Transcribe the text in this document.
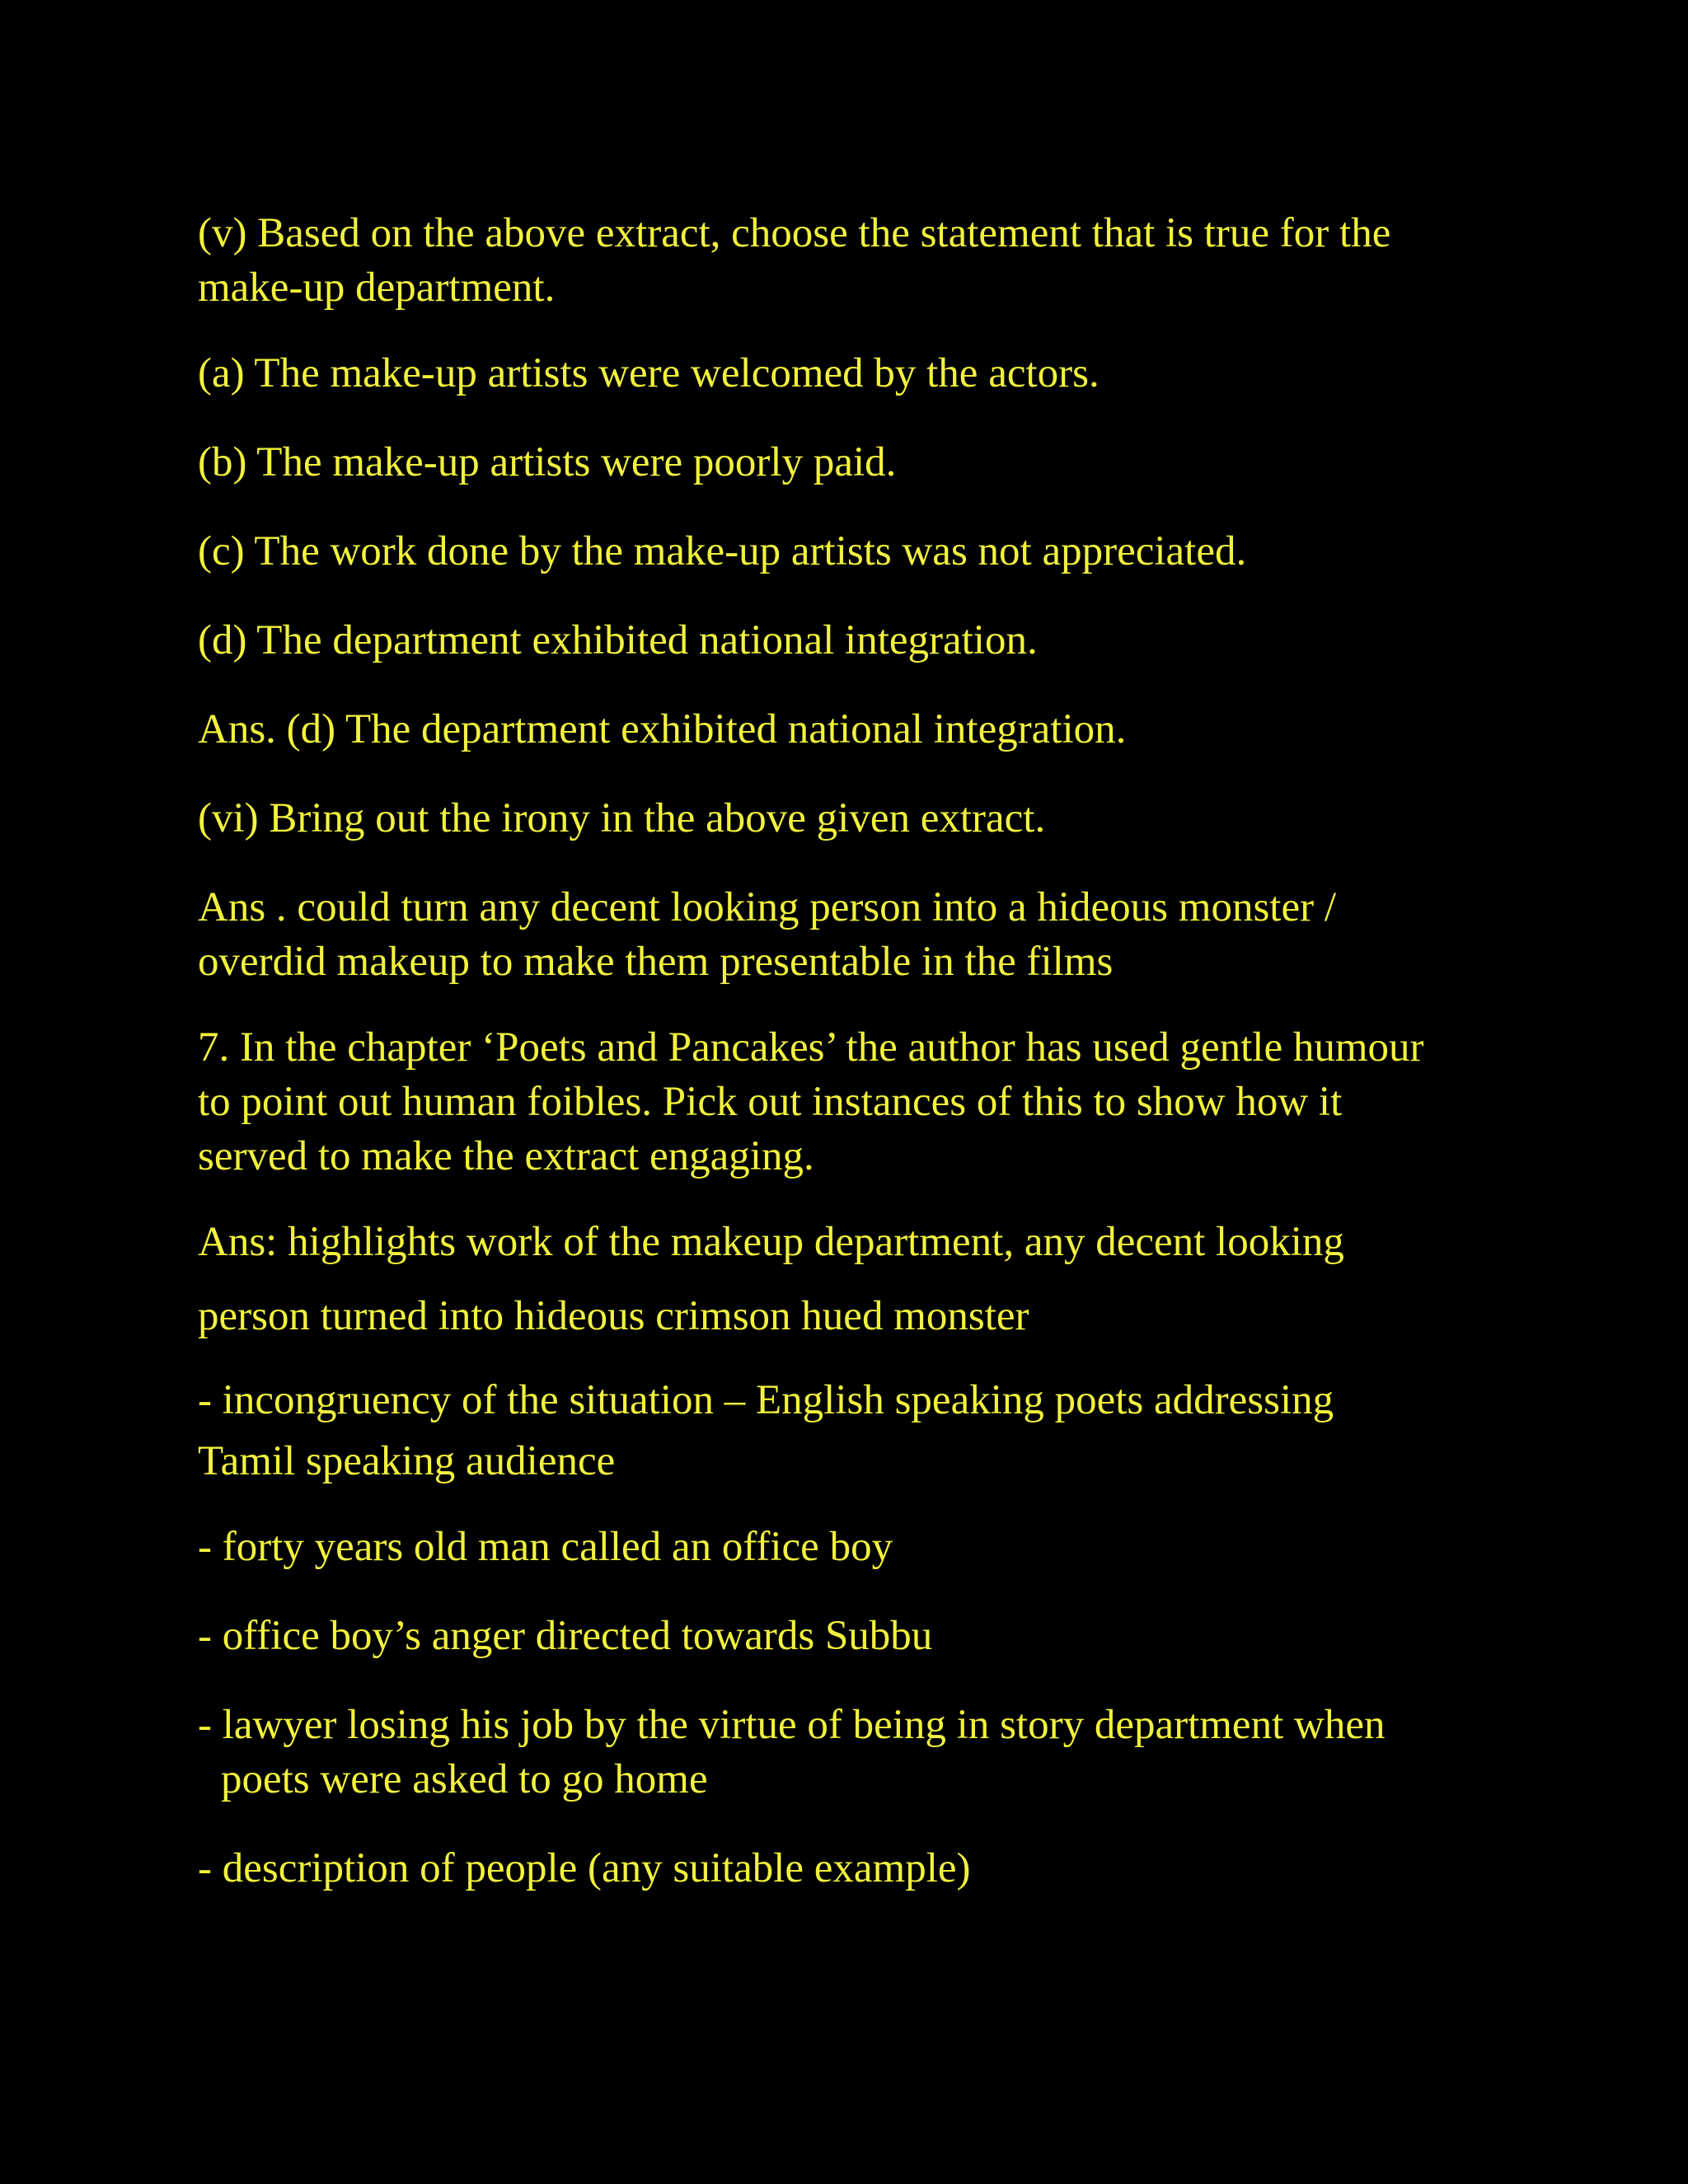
(v) Based on the above extract, choose the statement that is true for the
make-up department.

(a) The make-up artists were welcomed by the actors.

(b) The make-up artists were poorly paid.

(c) The work done by the make-up artists was not appreciated.

(d) The department exhibited national integration.

Ans. (d) The department exhibited national integration.

(vi) Bring out the irony in the above given extract.

Ans . could turn any decent looking person into a hideous monster /
overdid makeup to make them presentable in the films

7. In the chapter ‘Poets and Pancakes’ the author has used gentle humour
to point out human foibles. Pick out instances of this to show how it
served to make the extract engaging.

Ans: highlights work of the makeup department, any decent looking
person turned into hideous crimson hued monster

- incongruency of the situation – English speaking poets addressing
Tamil speaking audience

- forty years old man called an office boy

- office boy’s anger directed towards Subbu

- lawyer losing his job by the virtue of being in story department when
poets were asked to go home

- description of people (any suitable example)
